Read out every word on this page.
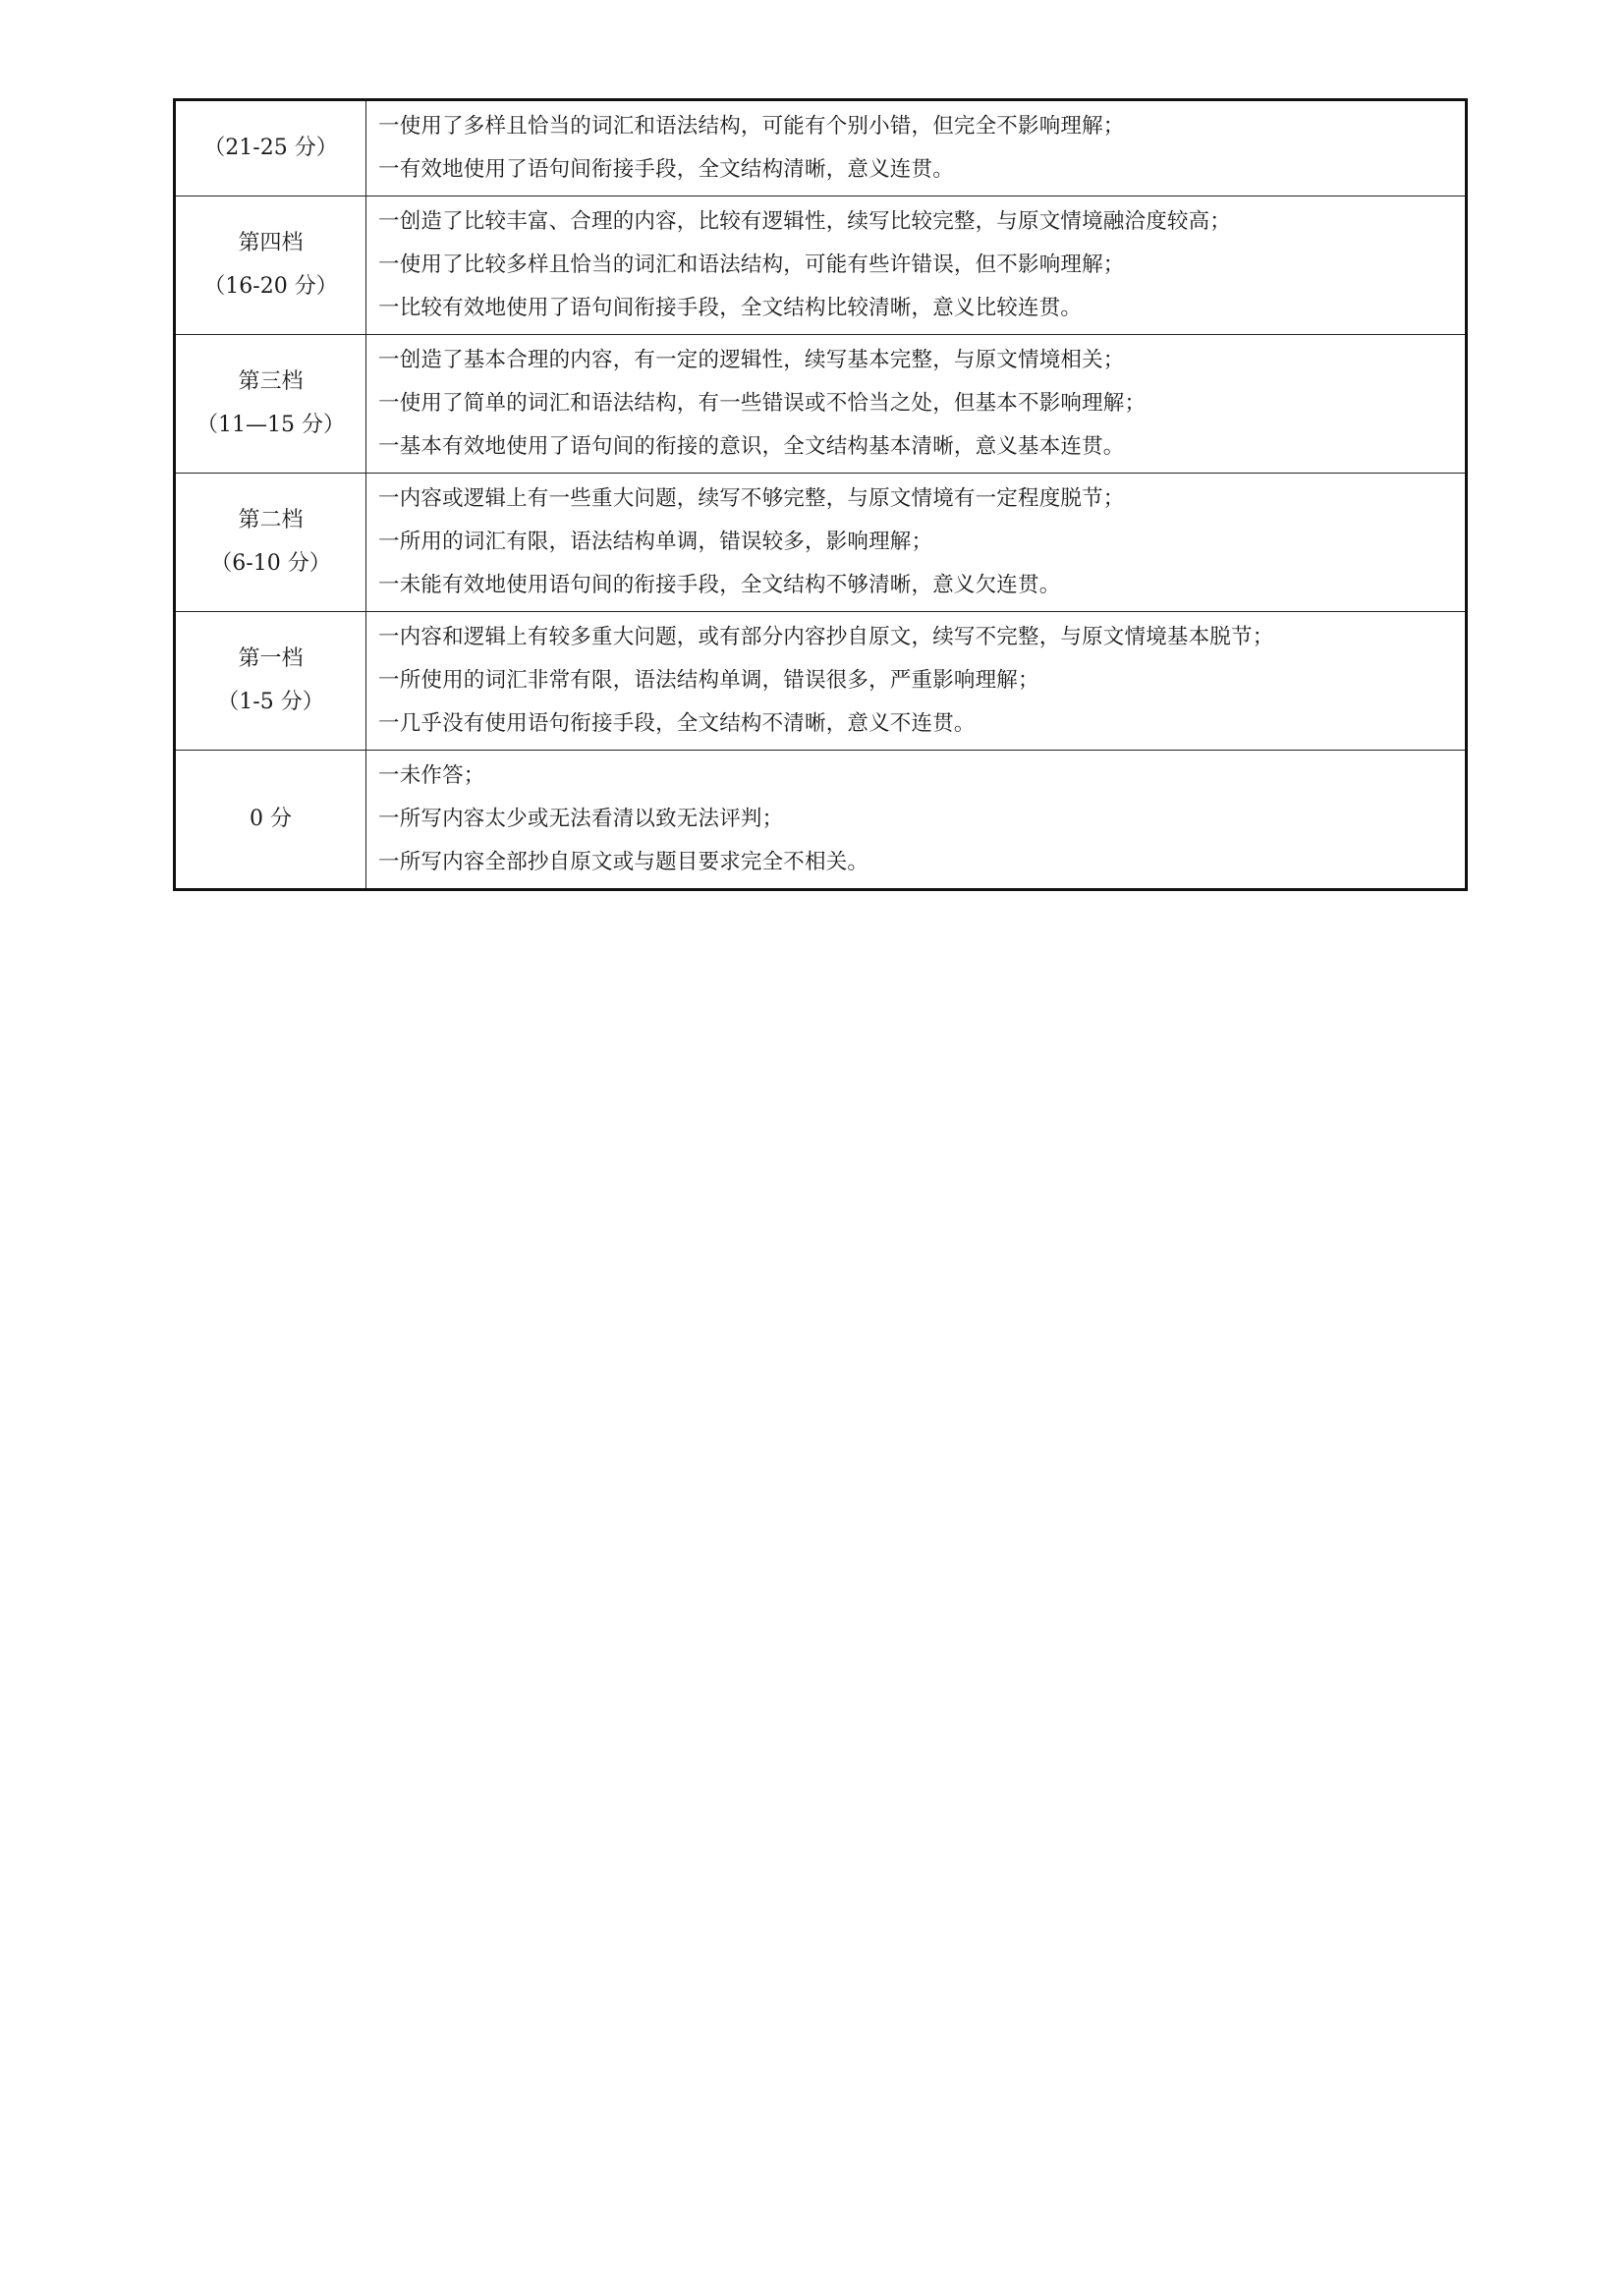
（21-25 分）	一使用了多样且恰当的词汇和语法结构，可能有个别小错，但完全不影响理解；
一有效地使用了语句间衔接手段，全文结构清晰，意义连贯。

第四档
（16-20 分）	一创造了比较丰富、合理的内容，比较有逻辑性，续写比较完整，与原文情境融洽度较高；
一使用了比较多样且恰当的词汇和语法结构，可能有些许错误，但不影响理解；
一比较有效地使用了语句间衔接手段，全文结构比较清晰，意义比较连贯。

第三档
（11—15 分）	一创造了基本合理的内容，有一定的逻辑性，续写基本完整，与原文情境相关；
一使用了简单的词汇和语法结构，有一些错误或不恰当之处，但基本不影响理解；
一基本有效地使用了语句间的衔接的意识，全文结构基本清晰，意义基本连贯。

第二档
（6-10 分）	一内容或逻辑上有一些重大问题，续写不够完整，与原文情境有一定程度脱节；
一所用的词汇有限，语法结构单调，错误较多，影响理解；
一未能有效地使用语句间的衔接手段，全文结构不够清晰，意义欠连贯。

第一档
（1-5 分）	一内容和逻辑上有较多重大问题，或有部分内容抄自原文，续写不完整，与原文情境基本脱节；
一所使用的词汇非常有限，语法结构单调，错误很多，严重影响理解；
一几乎没有使用语句衔接手段，全文结构不清晰，意义不连贯。

0 分	一未作答；
一所写内容太少或无法看清以致无法评判；
一所写内容全部抄自原文或与题目要求完全不相关。
